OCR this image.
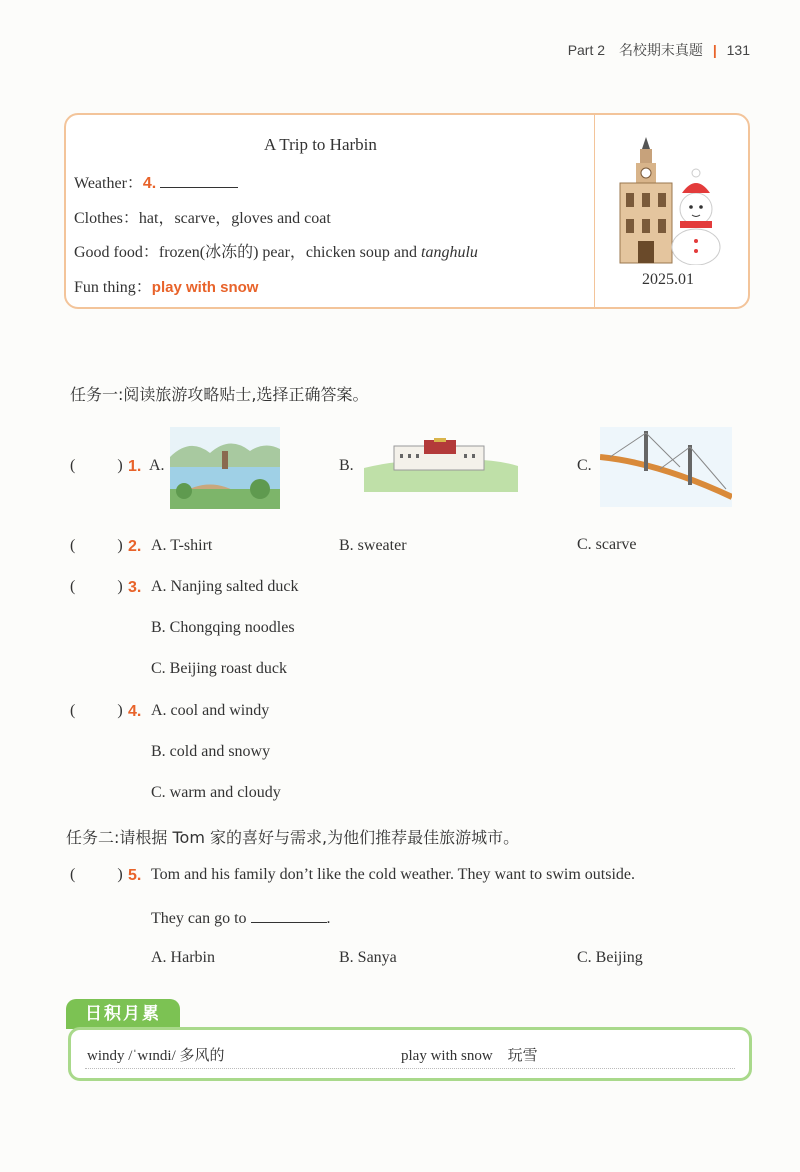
Part 2 名校期末真题 | 131
A Trip to Harbin
Weather：4.
Clothes：hat，scarve，gloves and coat
Good food：frozen(冰冻的) pear，chicken soup and tanghulu
Fun thing：play with snow	2025.01
任务一:阅读旅游攻略贴士,选择正确答案。
(	) 1. A.	B.	C.
(	) 2. A. T-shirt	B. sweater	C. scarve
(	) 3. A. Nanjing salted duck
B. Chongqing noodles
C. Beijing roast duck
(	) 4. A. cool and windy
B. cold and snowy
C. warm and cloudy
任务二:请根据 Tom 家的喜好与需求,为他们推荐最佳旅游城市。
(	) 5. Tom and his family don’t like the cold weather. They want to swim outside.
They can go to	.
A. Harbin	B. Sanya	C. Beijing
日积月累
windy /ˈwɪndi/ 多风的	play with snow　玩雪
